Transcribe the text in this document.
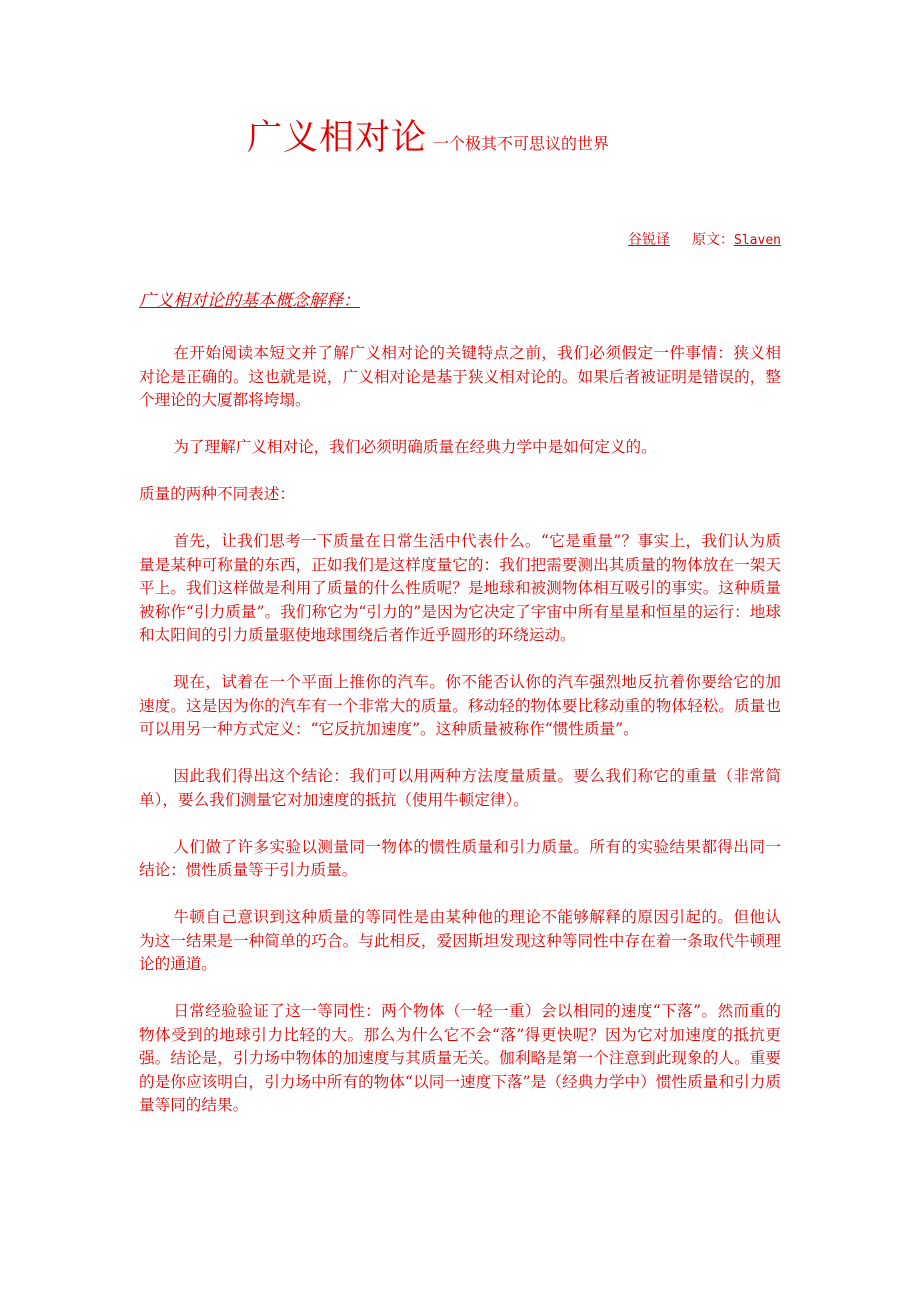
广义相对论 一个极其不可思议的世界
谷锐译 原文：Slaven
广义相对论的基本概念解释：

在开始阅读本短文并了解广义相对论的关键特点之前，我们必须假定一件事情：狭义相对论是正确的。这也就是说，广义相对论是基于狭义相对论的。如果后者被证明是错误的，整个理论的大厦都将垮塌。

为了理解广义相对论，我们必须明确质量在经典力学中是如何定义的。

质量的两种不同表述：

首先，让我们思考一下质量在日常生活中代表什么。“它是重量”？事实上，我们认为质量是某种可称量的东西，正如我们是这样度量它的：我们把需要测出其质量的物体放在一架天平上。我们这样做是利用了质量的什么性质呢？是地球和被测物体相互吸引的事实。这种质量被称作“引力质量”。我们称它为“引力的”是因为它决定了宇宙中所有星星和恒星的运行：地球和太阳间的引力质量驱使地球围绕后者作近乎圆形的环绕运动。

现在，试着在一个平面上推你的汽车。你不能否认你的汽车强烈地反抗着你要给它的加速度。这是因为你的汽车有一个非常大的质量。移动轻的物体要比移动重的物体轻松。质量也可以用另一种方式定义：“它反抗加速度”。这种质量被称作“惯性质量”。

因此我们得出这个结论：我们可以用两种方法度量质量。要么我们称它的重量（非常简单），要么我们测量它对加速度的抵抗（使用牛顿定律）。

人们做了许多实验以测量同一物体的惯性质量和引力质量。所有的实验结果都得出同一结论：惯性质量等于引力质量。

牛顿自己意识到这种质量的等同性是由某种他的理论不能够解释的原因引起的。但他认为这一结果是一种简单的巧合。与此相反，爱因斯坦发现这种等同性中存在着一条取代牛顿理论的通道。

日常经验验证了这一等同性：两个物体（一轻一重）会以相同的速度“下落”。然而重的物体受到的地球引力比轻的大。那么为什么它不会“落”得更快呢？因为它对加速度的抵抗更强。结论是，引力场中物体的加速度与其质量无关。伽利略是第一个注意到此现象的人。重要的是你应该明白，引力场中所有的物体“以同一速度下落”是（经典力学中）惯性质量和引力质量等同的结果。
